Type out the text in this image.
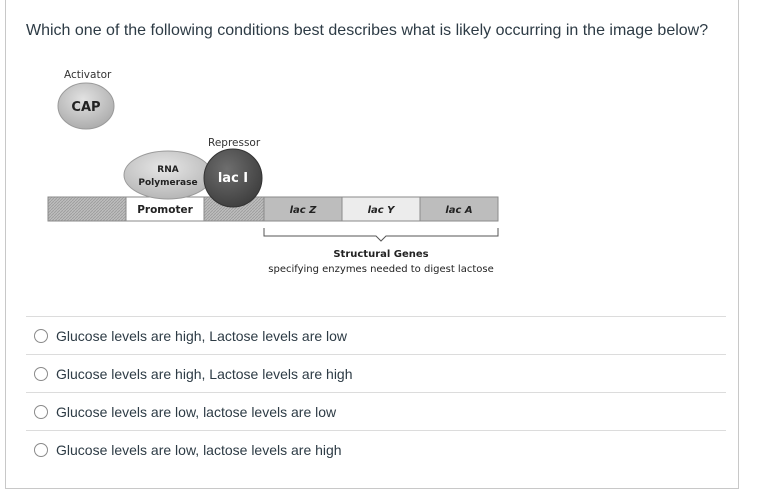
Which one of the following conditions best describes what is likely occurring in the image below?
Activator
CAP
Repressor
Promoter	lac Z	lac Y	lac A
RNA
Polymerase lac I
Structural Genes
specifying enzymes needed to digest lactose
Glucose levels are high, Lactose levels are low
Glucose levels are high, Lactose levels are high
Glucose levels are low, lactose levels are low
Glucose levels are low, lactose levels are high
